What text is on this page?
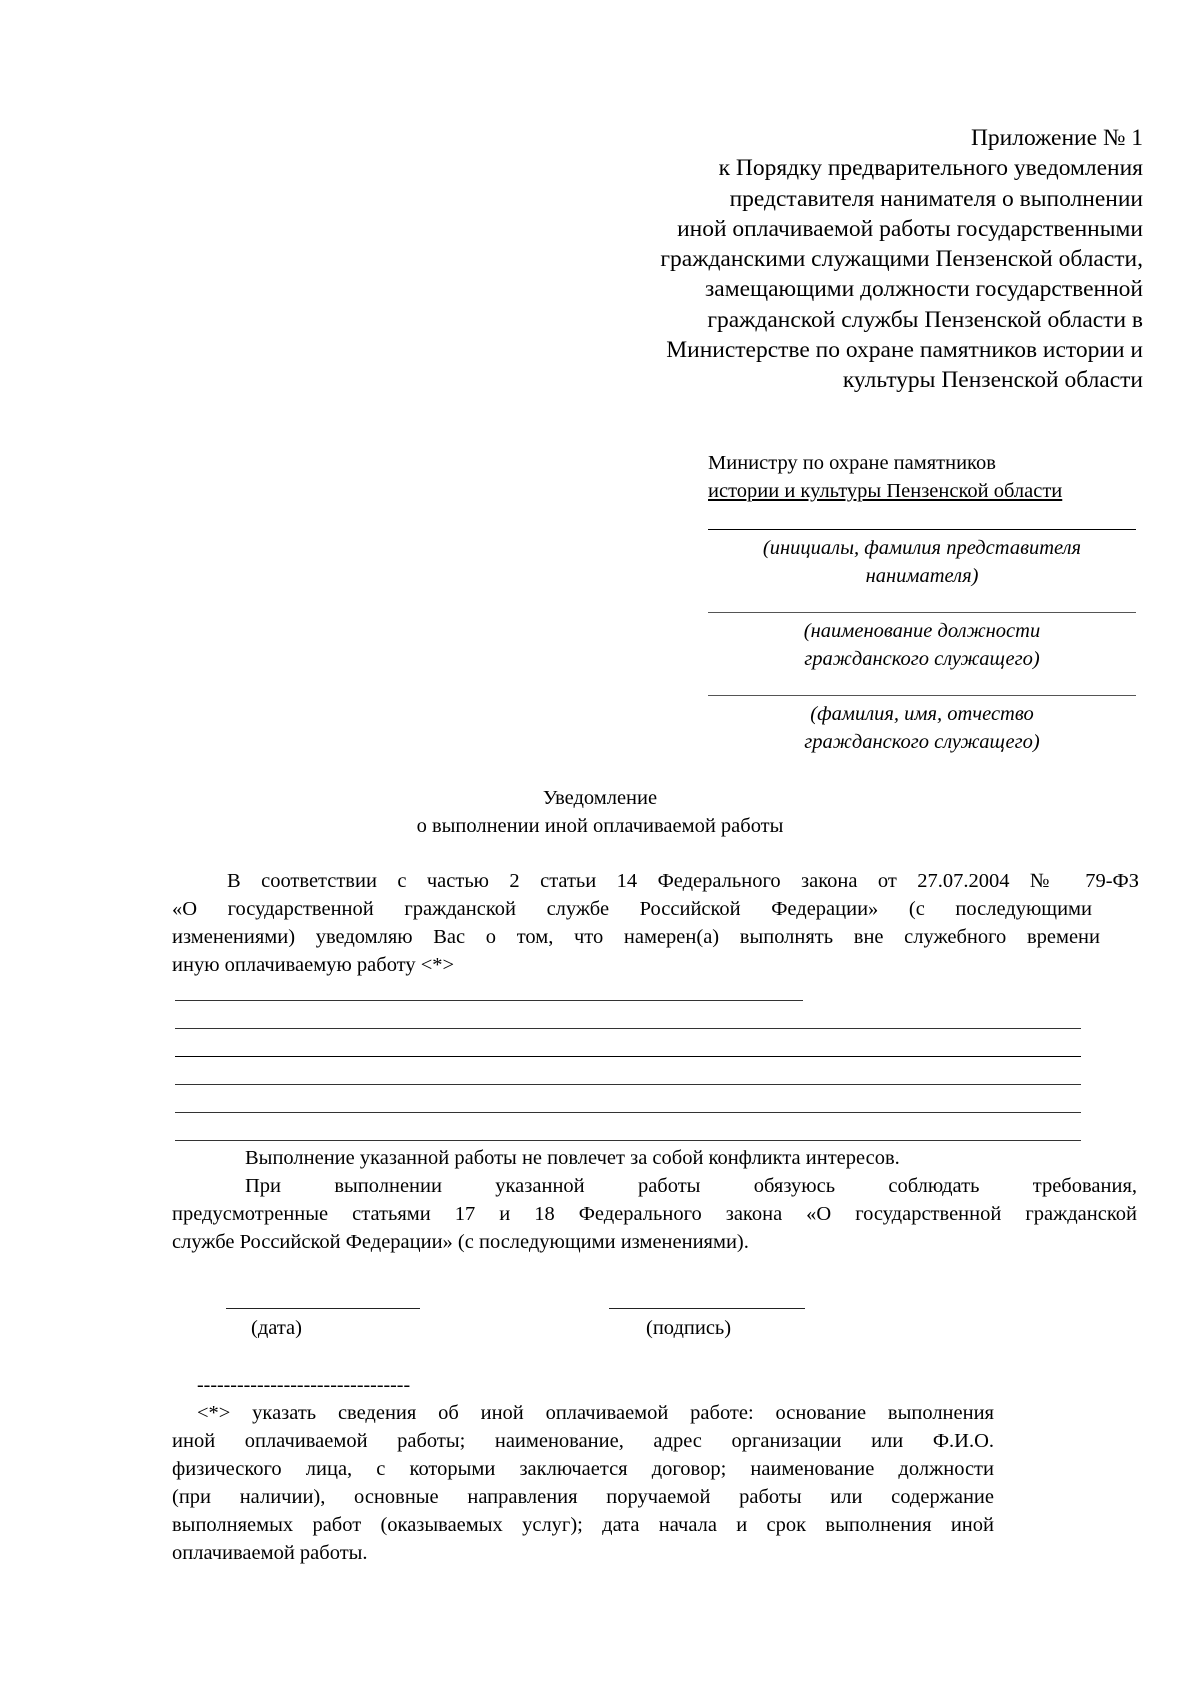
Приложение № 1
к Порядку предварительного уведомления
представителя нанимателя о выполнении
иной оплачиваемой работы государственными
гражданскими служащими Пензенской области,
замещающими должности государственной
гражданской службы Пензенской области в
Министерстве по охране памятников истории и
культуры Пензенской области
Министру по охране памятников
истории и культуры Пензенской области
(инициалы, фамилия представителя
нанимателя)
(наименование должности
гражданского служащего)
(фамилия, имя, отчество
гражданского служащего)
Уведомление
о выполнении иной оплачиваемой работы
В соответствии с частью 2 статьи 14 Федерального закона от 27.07.2004 № 79-ФЗ
«О государственной гражданской службе Российской Федерации» (с последующими
изменениями) уведомляю Вас о том, что намерен(а) выполнять вне служебного времени
иную оплачиваемую работу <*>
Выполнение указанной работы не повлечет за собой конфликта интересов.
При выполнении указанной работы обязуюсь соблюдать требования,
предусмотренные статьями 17 и 18 Федерального закона «О государственной гражданской
службе Российской Федерации» (с последующими изменениями).
(дата)	(подпись)
--------------------------------
<*> указать сведения об иной оплачиваемой работе: основание выполнения
иной оплачиваемой работы; наименование, адрес организации или Ф.И.О.
физического лица, с которыми заключается договор; наименование должности
(при наличии), основные направления поручаемой работы или содержание
выполняемых работ (оказываемых услуг); дата начала и срок выполнения иной
оплачиваемой работы.
